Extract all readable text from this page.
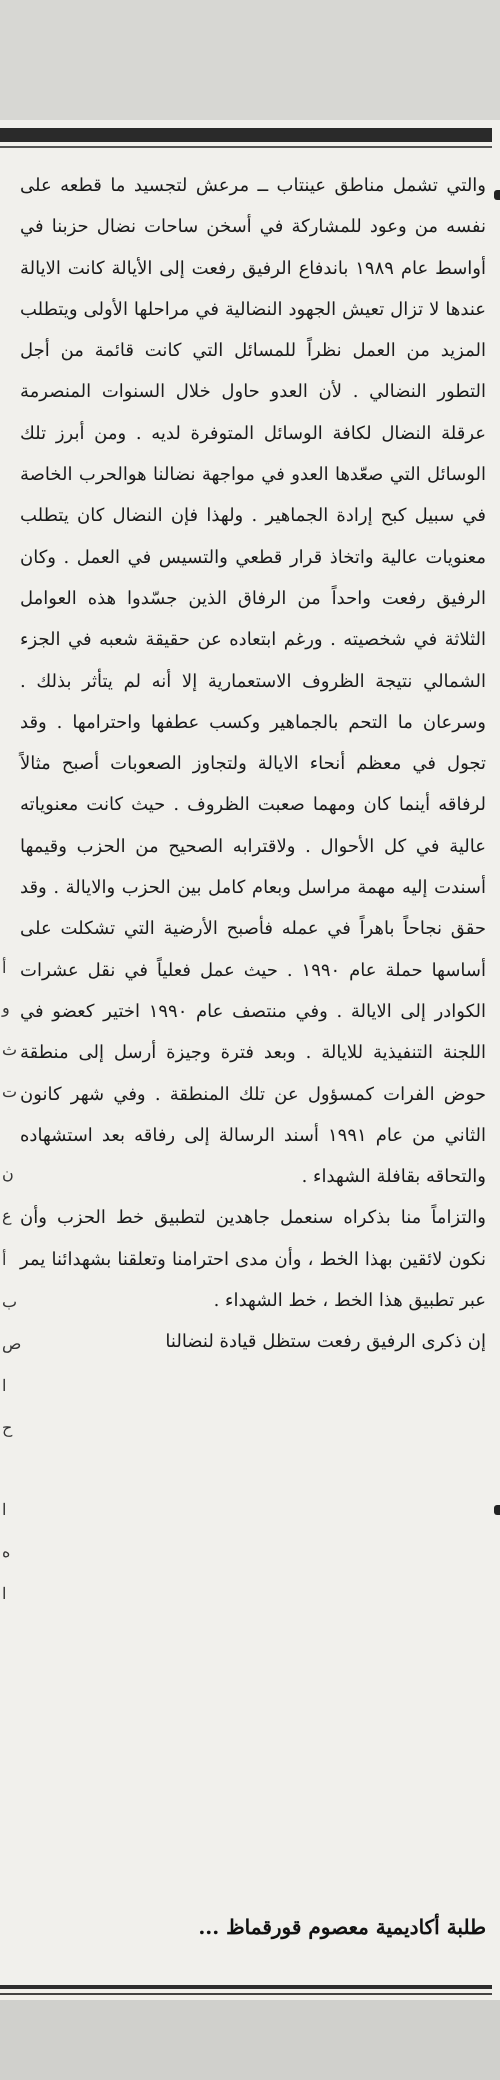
أ
و
ث
ت
ن
ع
أ
ب
ص
ا
ح
ا
ه
ا

والتي تشمل مناطق عينتاب ــ مرعش لتجسيد ما قطعه على نفسه من وعود للمشاركة في أسخن ساحات نضال حزبنا في أواسط عام ١٩٨٩ باندفاع الرفيق رفعت إلى الأيالة كانت الايالة عندها لا تزال تعيش الجهود النضالية في مراحلها الأولى ويتطلب المزيد من العمل نظراً للمسائل التي كانت قائمة من أجل التطور النضالي . لأن العدو حاول خلال السنوات المنصرمة عرقلة النضال لكافة الوسائل المتوفرة لديه . ومن أبرز تلك الوسائل التي صعّدها العدو في مواجهة نضالنا هوالحرب الخاصة في سبيل كبح إرادة الجماهير . ولهذا فإن النضال كان يتطلب معنويات عالية واتخاذ قرار قطعي والتسيس في العمل . وكان الرفيق رفعت واحداً من الرفاق الذين جسّدوا هذه العوامل الثلاثة في شخصيته . ورغم ابتعاده عن حقيقة شعبه في الجزء الشمالي نتيجة الظروف الاستعمارية إلا أنه لم يتأثر بذلك . وسرعان ما التحم بالجماهير وكسب عطفها واحترامها . وقد تجول في معظم أنحاء الايالة ولتجاوز الصعوبات أصبح مثالاً لرفاقه أينما كان ومهما صعبت الظروف . حيث كانت معنوياته عالية في كل الأحوال . ولاقترابه الصحيح من الحزب وقيمها أسندت إليه مهمة مراسل وبعام كامل بين الحزب والايالة . وقد حقق نجاحاً باهراً في عمله فأصبح الأرضية التي تشكلت على أساسها حملة عام ١٩٩٠ . حيث عمل فعلياً في نقل عشرات الكوادر إلى الايالة . وفي منتصف عام ١٩٩٠ اختير كعضو في اللجنة التنفيذية للايالة . وبعد فترة وجيزة أرسل إلى منطقة حوض الفرات كمسؤول عن تلك المنطقة . وفي شهر كانون الثاني من عام ١٩٩١ أسند الرسالة إلى رفاقه بعد استشهاده والتحاقه بقافلة الشهداء .

والتزاماً منا بذكراه سنعمل جاهدين لتطبيق خط الحزب وأن نكون لائقين بهذا الخط ، وأن مدى احترامنا وتعلقنا بشهدائنا يمر عبر تطبيق هذا الخط ، خط الشهداء .

إن ذكرى الرفيق رفعت ستظل قيادة لنضالنا

طلبة أكاديمية معصوم قورقماظ ...
